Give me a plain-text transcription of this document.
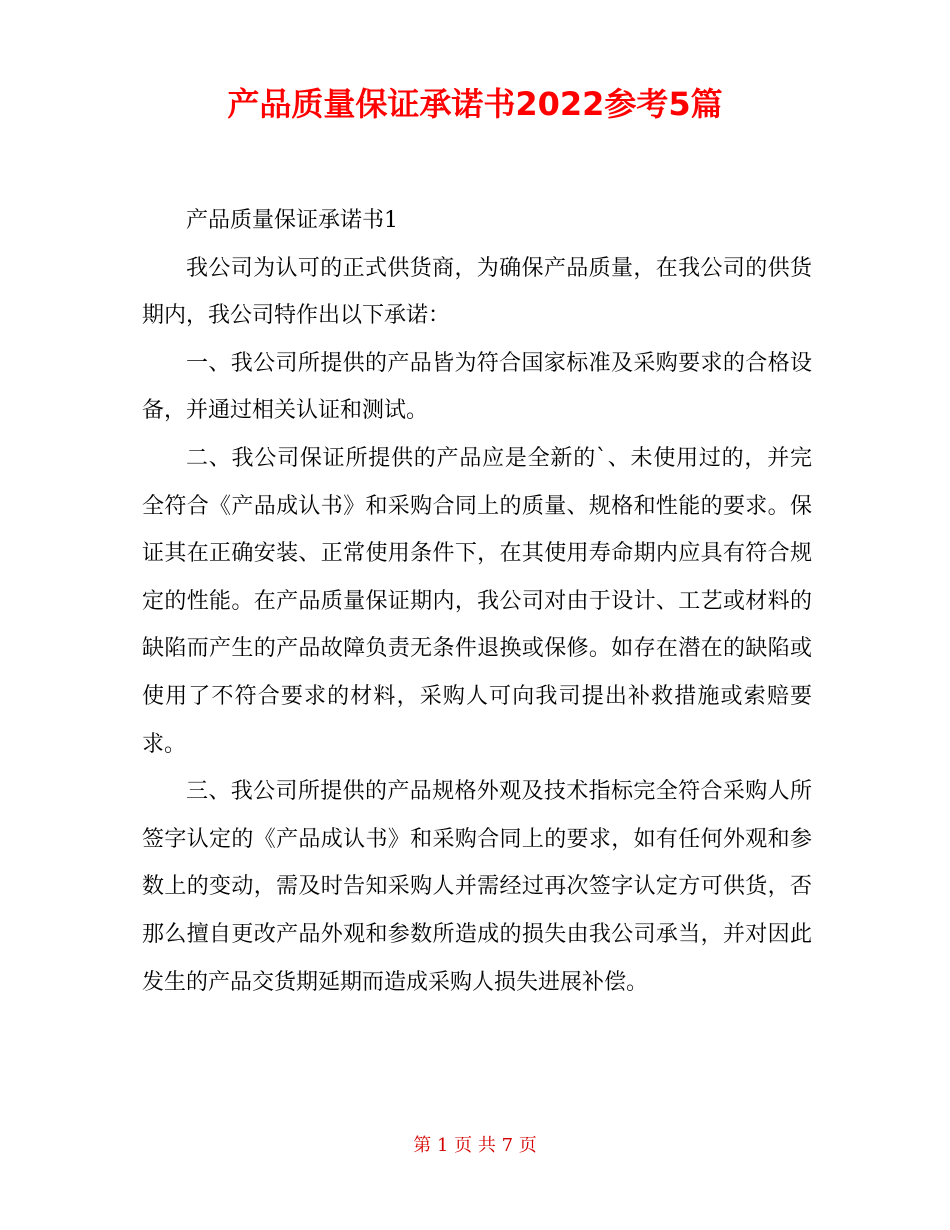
产品质量保证承诺书2022参考5篇

产品质量保证承诺书1

我公司为认可的正式供货商，为确保产品质量，在我公司的供货期内，我公司特作出以下承诺：

一、我公司所提供的产品皆为符合国家标准及采购要求的合格设备，并通过相关认证和测试。

二、我公司保证所提供的产品应是全新的`、未使用过的，并完全符合《产品成认书》和采购合同上的质量、规格和性能的要求。保证其在正确安装、正常使用条件下，在其使用寿命期内应具有符合规定的性能。在产品质量保证期内，我公司对由于设计、工艺或材料的缺陷而产生的产品故障负责无条件退换或保修。如存在潜在的缺陷或使用了不符合要求的材料，采购人可向我司提出补救措施或索赔要求。

三、我公司所提供的产品规格外观及技术指标完全符合采购人所签字认定的《产品成认书》和采购合同上的要求，如有任何外观和参数上的变动，需及时告知采购人并需经过再次签字认定方可供货，否那么擅自更改产品外观和参数所造成的损失由我公司承当，并对因此发生的产品交货期延期而造成采购人损失进展补偿。

第 1 页 共 7 页
